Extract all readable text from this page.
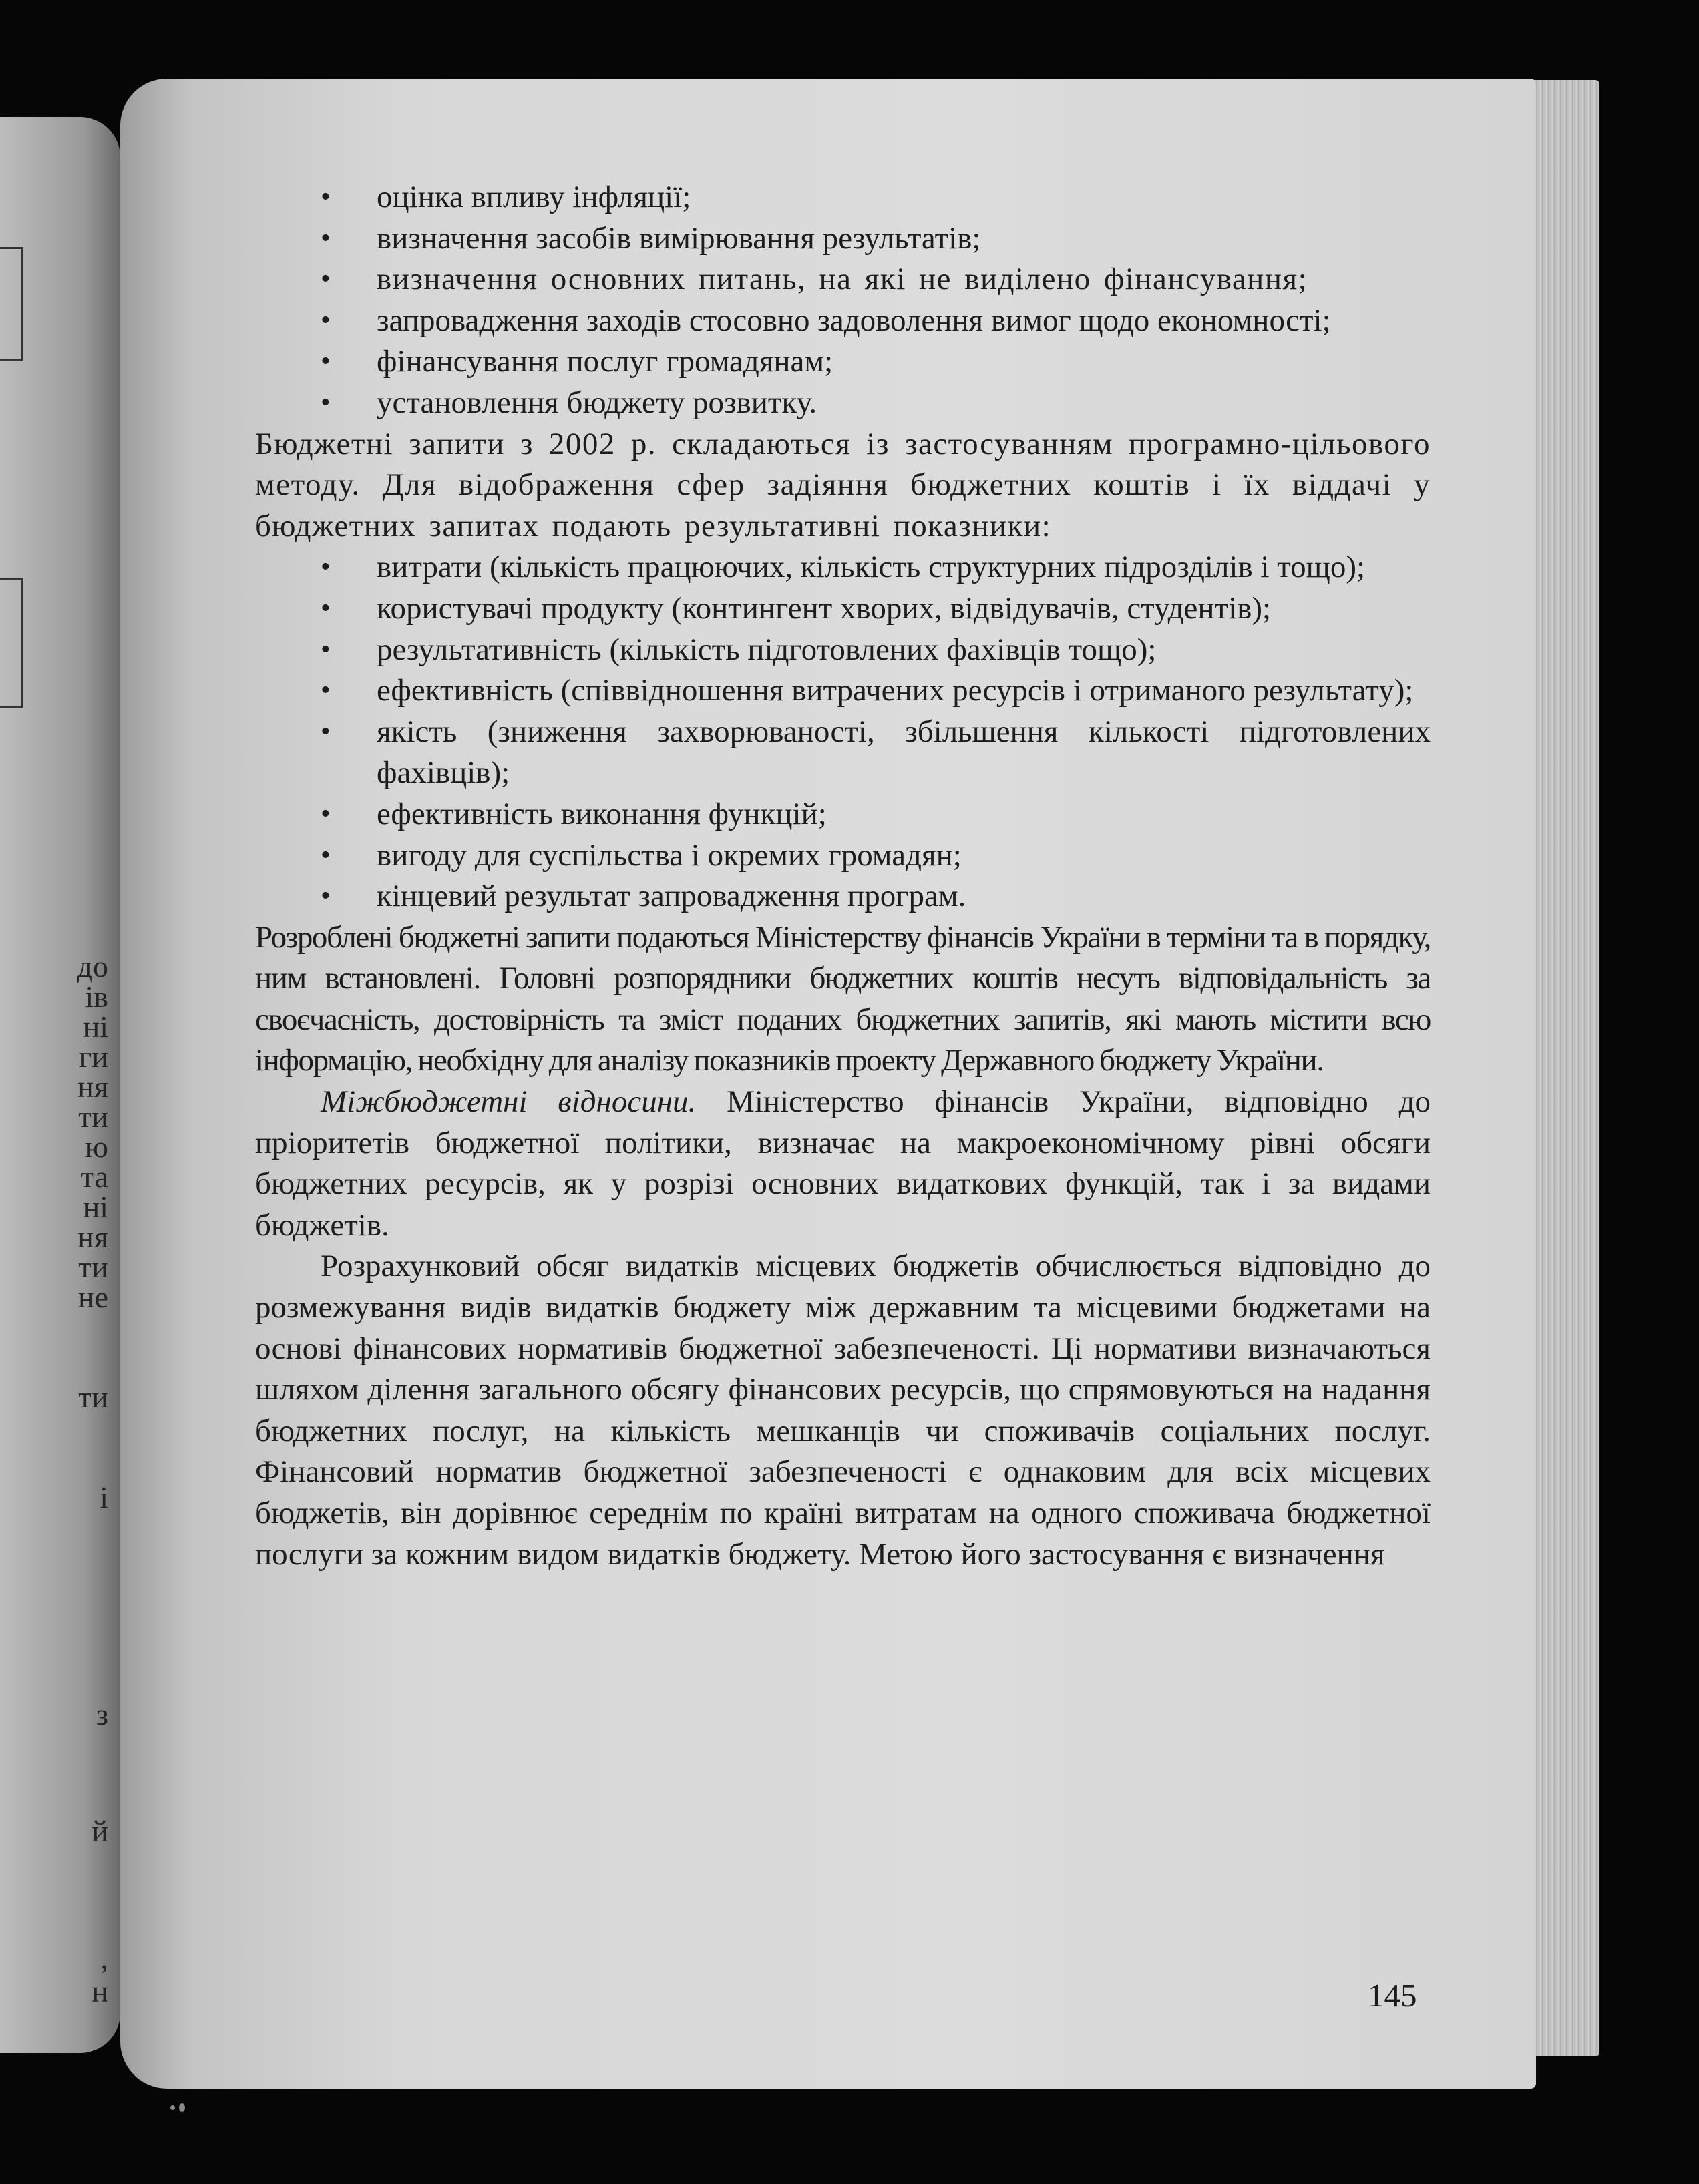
до
ів
ні
ги
ня
ти
ю
та
ні
ня
ти
не
ти
і
з
й
,
н
• оцінка впливу інфляції;
• визначення засобів вимірювання результатів;
• визначення основних питань, на які не виділено фінансування;
• запровадження заходів стосовно задоволення вимог щодо економності;
• фінансування послуг громадянам;
• установлення бюджету розвитку.

Бюджетні запити з 2002 р. складаються із застосуванням програмно-цільового методу. Для відображення сфер задіяння бюджетних коштів і їх віддачі у бюджетних запитах подають результативні показники:

• витрати (кількість працюючих, кількість структурних підрозділів і тощо);
• користувачі продукту (контингент хворих, відвідувачів, студентів);
• результативність (кількість підготовлених фахівців тощо);
• ефективність (співвідношення витрачених ресурсів і отриманого результату);
• якість (зниження захворюваності, збільшення кількості підготовлених фахівців);
• ефективність виконання функцій;
• вигоду для суспільства і окремих громадян;
• кінцевий результат запровадження програм.

Розроблені бюджетні запити подаються Міністерству фінансів України в терміни та в порядку, ним встановлені. Головні розпорядники бюджетних коштів несуть відповідальність за своєчасність, достовірність та зміст поданих бюджетних запитів, які мають містити всю інформацію, необхідну для аналізу показників проекту Державного бюджету України.

Міжбюджетні відносини. Міністерство фінансів України, відповідно до пріоритетів бюджетної політики, визначає на макроекономічному рівні обсяги бюджетних ресурсів, як у розрізі основних видаткових функцій, так і за видами бюджетів.

Розрахунковий обсяг видатків місцевих бюджетів обчислюється відповідно до розмежування видів видатків бюджету між державним та місцевими бюджетами на основі фінансових нормативів бюджетної забезпеченості. Ці нормативи визначаються шляхом ділення загального обсягу фінансових ресурсів, що спрямовуються на надання бюджетних послуг, на кількість мешканців чи споживачів соціальних послуг. Фінансовий норматив бюджетної забезпеченості є однаковим для всіх місцевих бюджетів, він дорівнює середнім по країні витратам на одного споживача бюджетної послуги за кожним видом видатків бюджету. Метою його застосування є визначення

145
